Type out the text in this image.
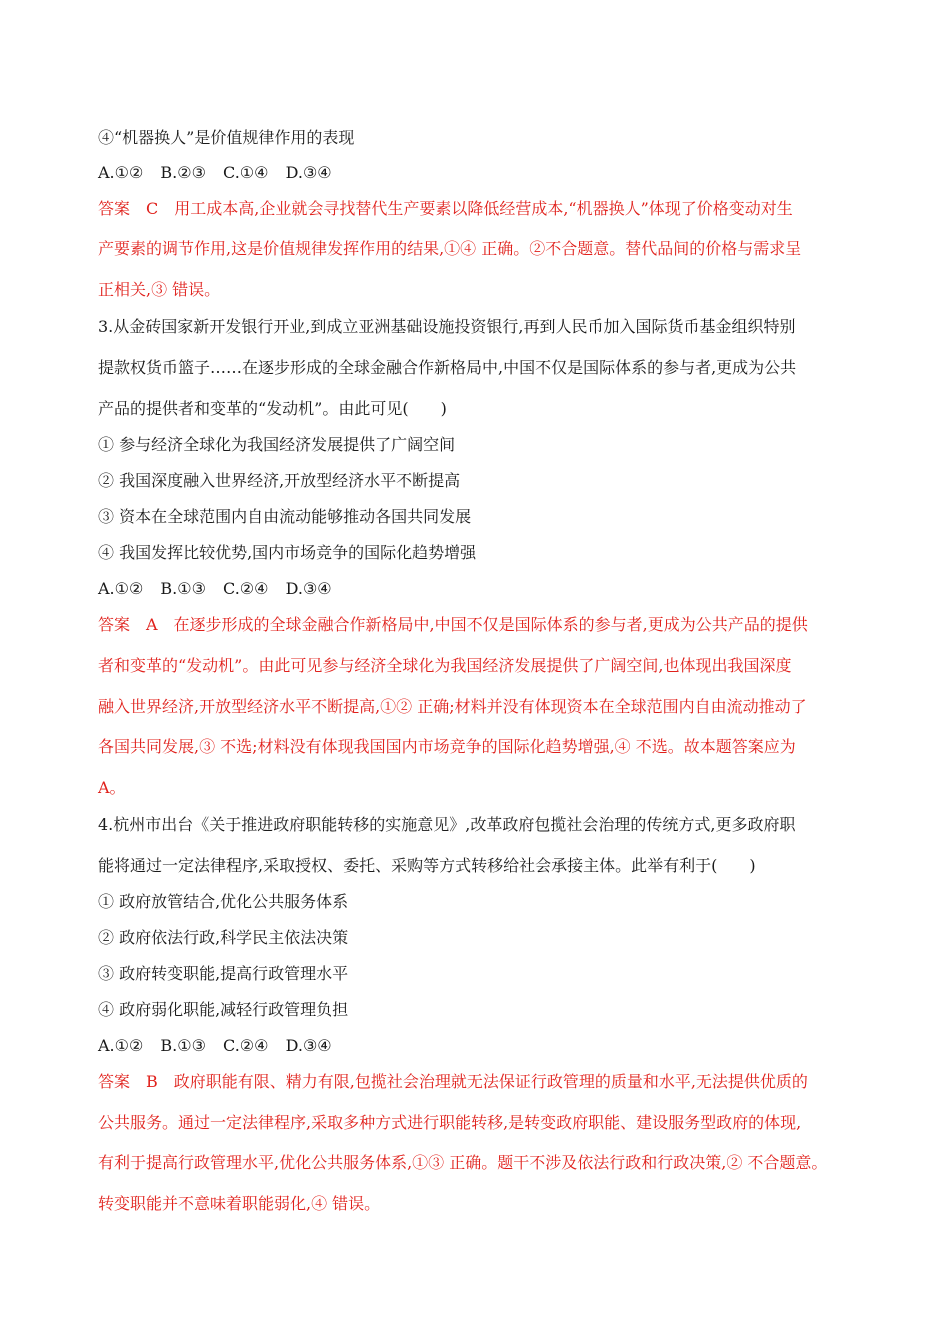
④“机器换人”是价值规律作用的表现
A.①② B.②③ C.①④ D.③④
答案　C　用工成本高,企业就会寻找替代生产要素以降低经营成本,“机器换人”体现了价格变动对生
产要素的调节作用,这是价值规律发挥作用的结果,①④ 正确。②不合题意。替代品间的价格与需求呈
正相关,③ 错误。
3.从金砖国家新开发银行开业,到成立亚洲基础设施投资银行,再到人民币加入国际货币基金组织特别
提款权货币篮子……在逐步形成的全球金融合作新格局中,中国不仅是国际体系的参与者,更成为公共
产品的提供者和变革的“发动机”。由此可见(　　)
① 参与经济全球化为我国经济发展提供了广阔空间
② 我国深度融入世界经济,开放型经济水平不断提高
③ 资本在全球范围内自由流动能够推动各国共同发展
④ 我国发挥比较优势,国内市场竞争的国际化趋势增强
A.①② B.①③ C.②④ D.③④
答案　A　在逐步形成的全球金融合作新格局中,中国不仅是国际体系的参与者,更成为公共产品的提供
者和变革的“发动机”。由此可见参与经济全球化为我国经济发展提供了广阔空间,也体现出我国深度
融入世界经济,开放型经济水平不断提高,①② 正确;材料并没有体现资本在全球范围内自由流动推动了
各国共同发展,③ 不选;材料没有体现我国国内市场竞争的国际化趋势增强,④ 不选。故本题答案应为
A。
4.杭州市出台《关于推进政府职能转移的实施意见》,改革政府包揽社会治理的传统方式,更多政府职
能将通过一定法律程序,采取授权、委托、采购等方式转移给社会承接主体。此举有利于(　　)
① 政府放管结合,优化公共服务体系
② 政府依法行政,科学民主依法决策
③ 政府转变职能,提高行政管理水平
④ 政府弱化职能,减轻行政管理负担
A.①② B.①③ C.②④ D.③④
答案　B　政府职能有限、精力有限,包揽社会治理就无法保证行政管理的质量和水平,无法提供优质的
公共服务。通过一定法律程序,采取多种方式进行职能转移,是转变政府职能、建设服务型政府的体现,
有利于提高行政管理水平,优化公共服务体系,①③ 正确。题干不涉及依法行政和行政决策,② 不合题意。
转变职能并不意味着职能弱化,④ 错误。
